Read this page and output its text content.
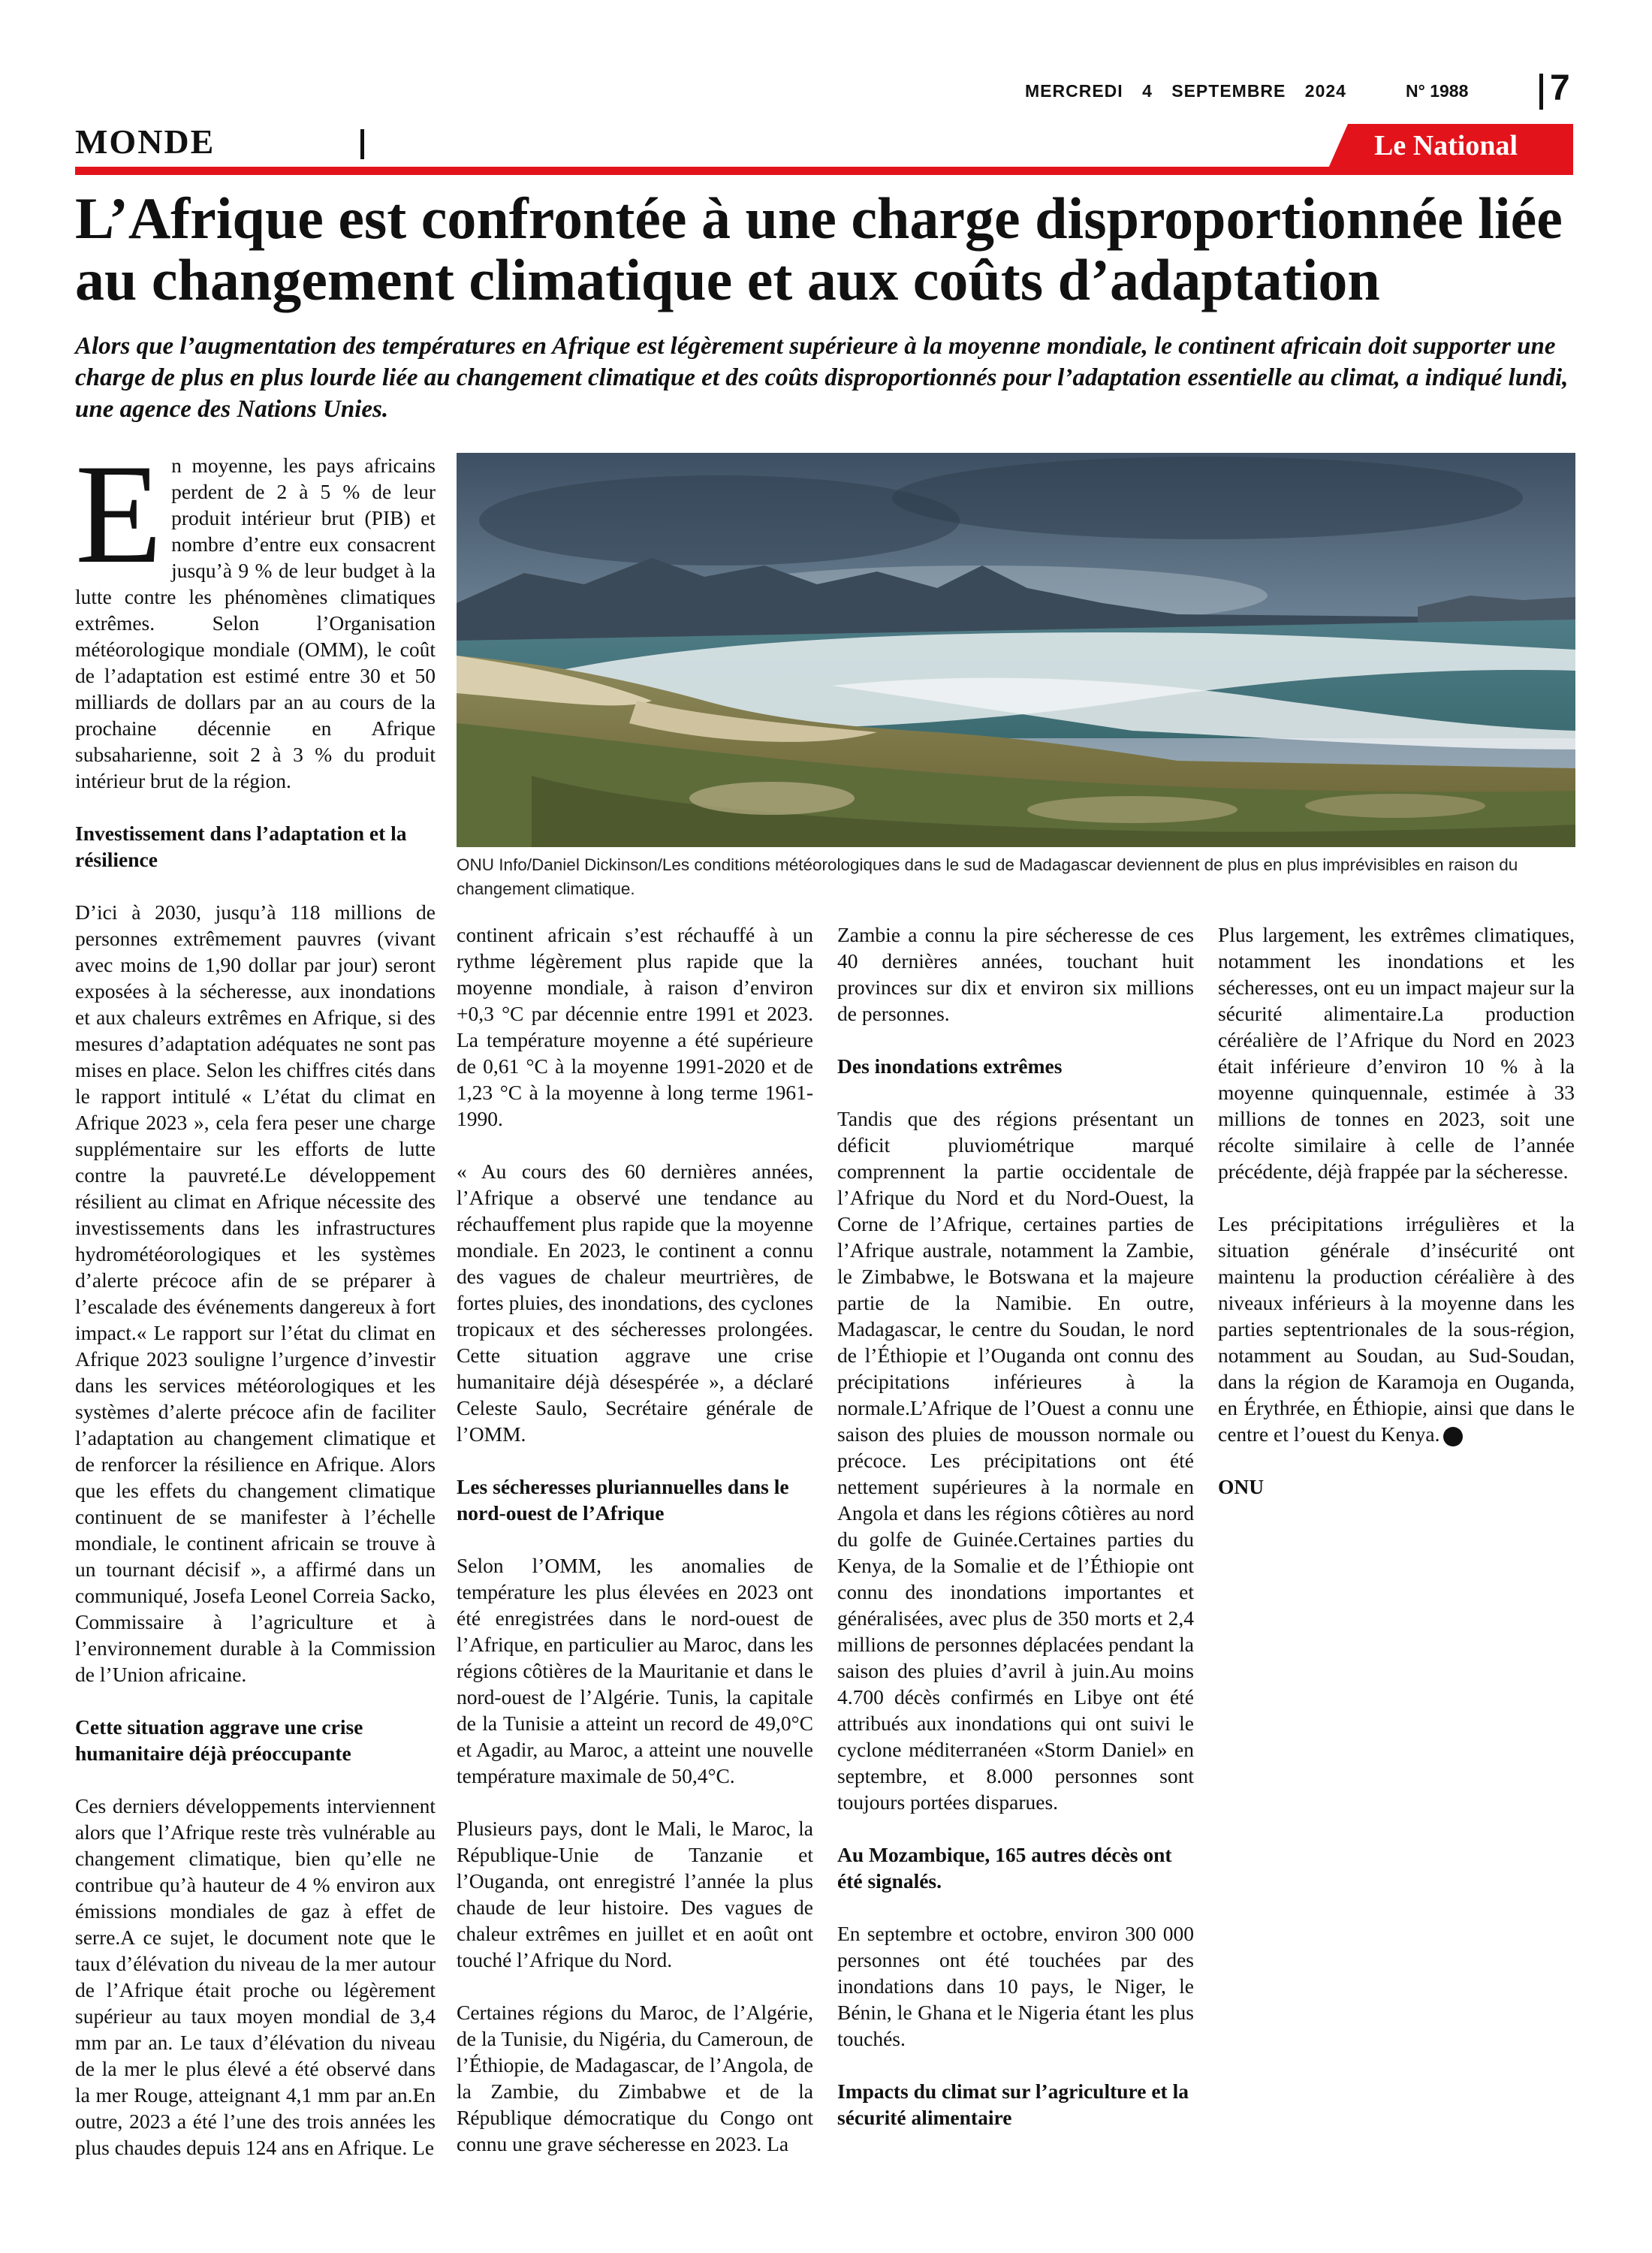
MERCREDI 4 SEPTEMBRE 2024	N° 1988 7
MONDE	Le National
L’Afrique est confrontée à une charge disproportionnée liée au changement climatique et aux coûts d’adaptation

Alors que l’augmentation des températures en Afrique est légèrement supérieure à la moyenne mondiale, le continent africain doit supporter une charge de plus en plus lourde liée au changement climatique et des coûts disproportionnés pour l’adaptation essentielle au climat, a indiqué lundi, une agence des Nations Unies.

ONU Info/Daniel Dickinson/Les conditions météorologiques dans le sud de Madagascar deviennent de plus en plus imprévisibles en raison du changement climatique.

En moyenne, les pays africains perdent de 2 à 5 % de leur produit intérieur brut (PIB) et nombre d’entre eux consacrent jusqu’à 9 % de leur budget à la lutte contre les phénomènes climatiques extrêmes. Selon l’Organisation météorologique mondiale (OMM), le coût de l’adaptation est estimé entre 30 et 50 milliards de dollars par an au cours de la prochaine décennie en Afrique subsaharienne, soit 2 à 3 % du produit intérieur brut de la région.

Investissement dans l’adaptation et la résilience

D’ici à 2030, jusqu’à 118 millions de personnes extrêmement pauvres (vivant avec moins de 1,90 dollar par jour) seront exposées à la sécheresse, aux inondations et aux chaleurs extrêmes en Afrique, si des mesures d’adaptation adéquates ne sont pas mises en place. Selon les chiffres cités dans le rapport intitulé « L’état du climat en Afrique 2023 », cela fera peser une charge supplémentaire sur les efforts de lutte contre la pauvreté.Le développement résilient au climat en Afrique nécessite des investissements dans les infrastructures hydrométéorologiques et les systèmes d’alerte précoce afin de se préparer à l’escalade des événements dangereux à fort impact.« Le rapport sur l’état du climat en Afrique 2023 souligne l’urgence d’investir dans les services météorologiques et les systèmes d’alerte précoce afin de faciliter l’adaptation au changement climatique et de renforcer la résilience en Afrique. Alors que les effets du changement climatique continuent de se manifester à l’échelle mondiale, le continent africain se trouve à un tournant décisif », a affirmé dans un communiqué, Josefa Leonel Correia Sacko, Commissaire à l’agriculture et à l’environnement durable à la Commission de l’Union africaine.

Cette situation aggrave une crise humanitaire déjà préoccupante

Ces derniers développements interviennent alors que l’Afrique reste très vulnérable au changement climatique, bien qu’elle ne contribue qu’à hauteur de 4 % environ aux émissions mondiales de gaz à effet de serre.A ce sujet, le document note que le taux d’élévation du niveau de la mer autour de l’Afrique était proche ou légèrement supérieur au taux moyen mondial de 3,4 mm par an. Le taux d’élévation du niveau de la mer le plus élevé a été observé dans la mer Rouge, atteignant 4,1 mm par an.En outre, 2023 a été l’une des trois années les plus chaudes depuis 124 ans en Afrique. Le

continent africain s’est réchauffé à un rythme légèrement plus rapide que la moyenne mondiale, à raison d’environ +0,3 °C par décennie entre 1991 et 2023. La température moyenne a été supérieure de 0,61 °C à la moyenne 1991-2020 et de 1,23 °C à la moyenne à long terme 1961-1990.

« Au cours des 60 dernières années, l’Afrique a observé une tendance au réchauffement plus rapide que la moyenne mondiale. En 2023, le continent a connu des vagues de chaleur meurtrières, de fortes pluies, des inondations, des cyclones tropicaux et des sécheresses prolongées. Cette situation aggrave une crise humanitaire déjà désespérée », a déclaré Celeste Saulo, Secrétaire générale de l’OMM.

Les sécheresses pluriannuelles dans le nord-ouest de l’Afrique

Selon l’OMM, les anomalies de température les plus élevées en 2023 ont été enregistrées dans le nord-ouest de l’Afrique, en particulier au Maroc, dans les régions côtières de la Mauritanie et dans le nord-ouest de l’Algérie. Tunis, la capitale de la Tunisie a atteint un record de 49,0°C et Agadir, au Maroc, a atteint une nouvelle température maximale de 50,4°C.

Plusieurs pays, dont le Mali, le Maroc, la République-Unie de Tanzanie et l’Ouganda, ont enregistré l’année la plus chaude de leur histoire. Des vagues de chaleur extrêmes en juillet et en août ont touché l’Afrique du Nord.

Certaines régions du Maroc, de l’Algérie, de la Tunisie, du Nigéria, du Cameroun, de l’Éthiopie, de Madagascar, de l’Angola, de la Zambie, du Zimbabwe et de la République démocratique du Congo ont connu une grave sécheresse en 2023. La

Zambie a connu la pire sécheresse de ces 40 dernières années, touchant huit provinces sur dix et environ six millions de personnes.

Des inondations extrêmes

Tandis que des régions présentant un déficit pluviométrique marqué comprennent la partie occidentale de l’Afrique du Nord et du Nord-Ouest, la Corne de l’Afrique, certaines parties de l’Afrique australe, notamment la Zambie, le Zimbabwe, le Botswana et la majeure partie de la Namibie. En outre, Madagascar, le centre du Soudan, le nord de l’Éthiopie et l’Ouganda ont connu des précipitations inférieures à la normale.L’Afrique de l’Ouest a connu une saison des pluies de mousson normale ou précoce. Les précipitations ont été nettement supérieures à la normale en Angola et dans les régions côtières au nord du golfe de Guinée.Certaines parties du Kenya, de la Somalie et de l’Éthiopie ont connu des inondations importantes et généralisées, avec plus de 350 morts et 2,4 millions de personnes déplacées pendant la saison des pluies d’avril à juin.Au moins 4.700 décès confirmés en Libye ont été attribués aux inondations qui ont suivi le cyclone méditerranéen «Storm Daniel» en septembre, et 8.000 personnes sont toujours portées disparues.

Au Mozambique, 165 autres décès ont été signalés.

En septembre et octobre, environ 300 000 personnes ont été touchées par des inondations dans 10 pays, le Niger, le Bénin, le Ghana et le Nigeria étant les plus touchés.

Impacts du climat sur l’agriculture et la sécurité alimentaire

Plus largement, les extrêmes climatiques, notamment les inondations et les sécheresses, ont eu un impact majeur sur la sécurité alimentaire.La production céréalière de l’Afrique du Nord en 2023 était inférieure d’environ 10 % à la moyenne quinquennale, estimée à 33 millions de tonnes en 2023, soit une récolte similaire à celle de l’année précédente, déjà frappée par la sécheresse.

Les précipitations irrégulières et la situation générale d’insécurité ont maintenu la production céréalière à des niveaux inférieurs à la moyenne dans les parties septentrionales de la sous-région, notamment au Soudan, au Sud-Soudan, dans la région de Karamoja en Ouganda, en Érythrée, en Éthiopie, ainsi que dans le centre et l’ouest du Kenya.

ONU
